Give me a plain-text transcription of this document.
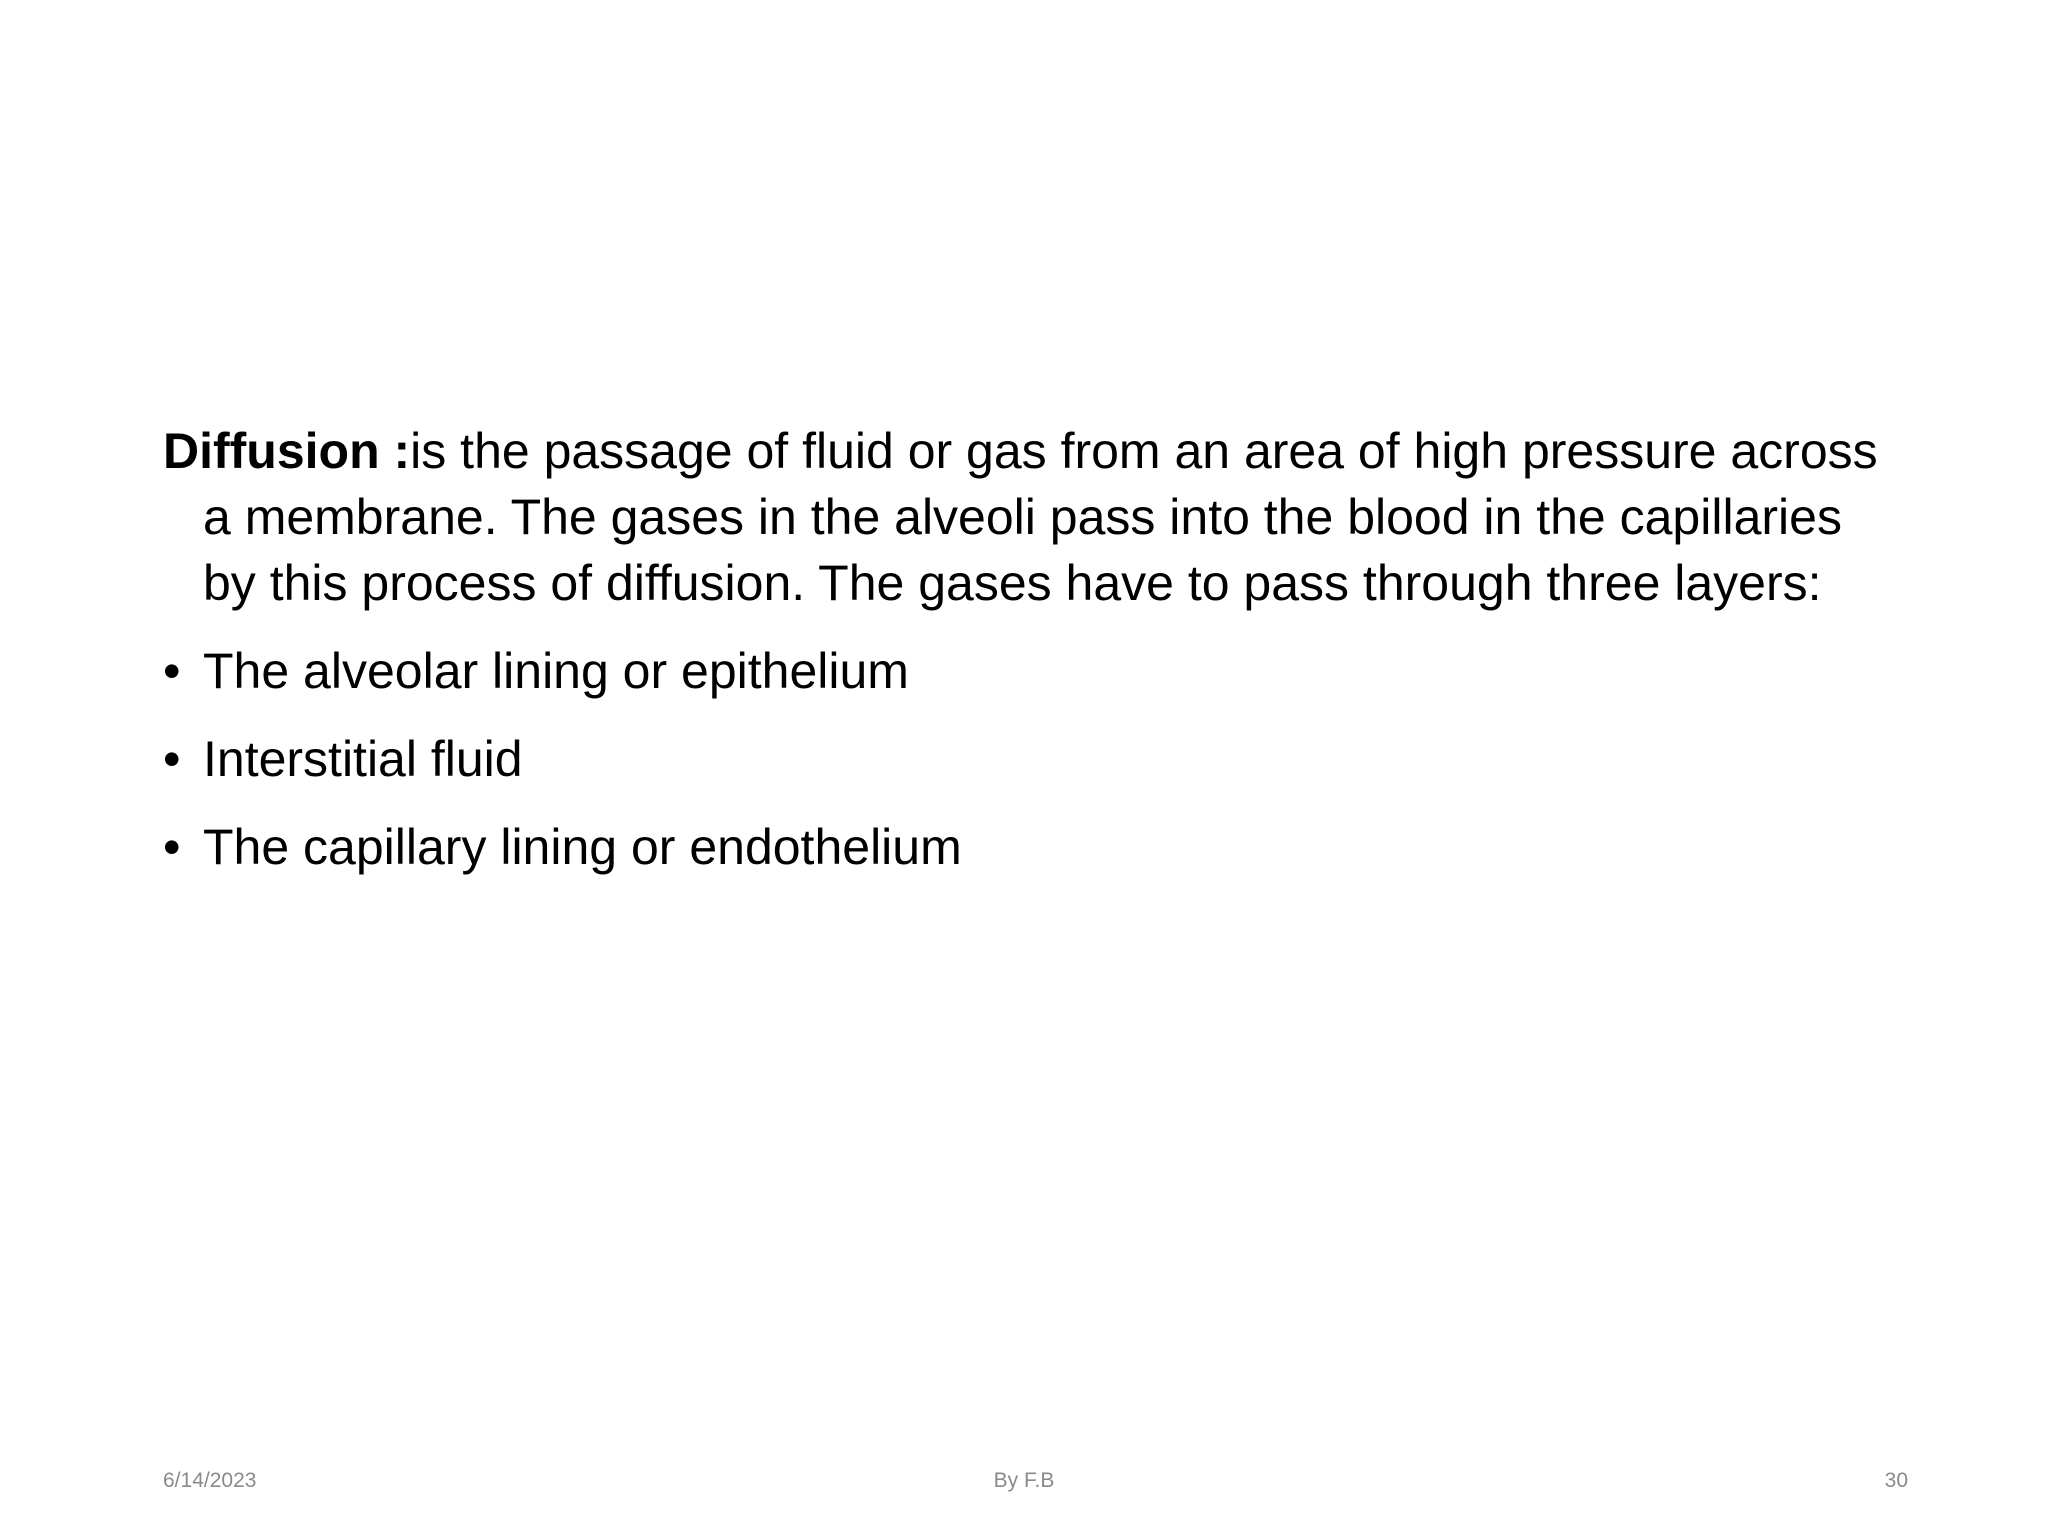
Diffusion :is the passage of fluid or gas from an area of high pressure across a membrane. The gases in the alveoli pass into the blood in the capillaries by this process of diffusion. The gases have to pass through three layers:

• The alveolar lining or epithelium
• Interstitial fluid
• The capillary lining or endothelium
6/14/2023	By F.B	30
